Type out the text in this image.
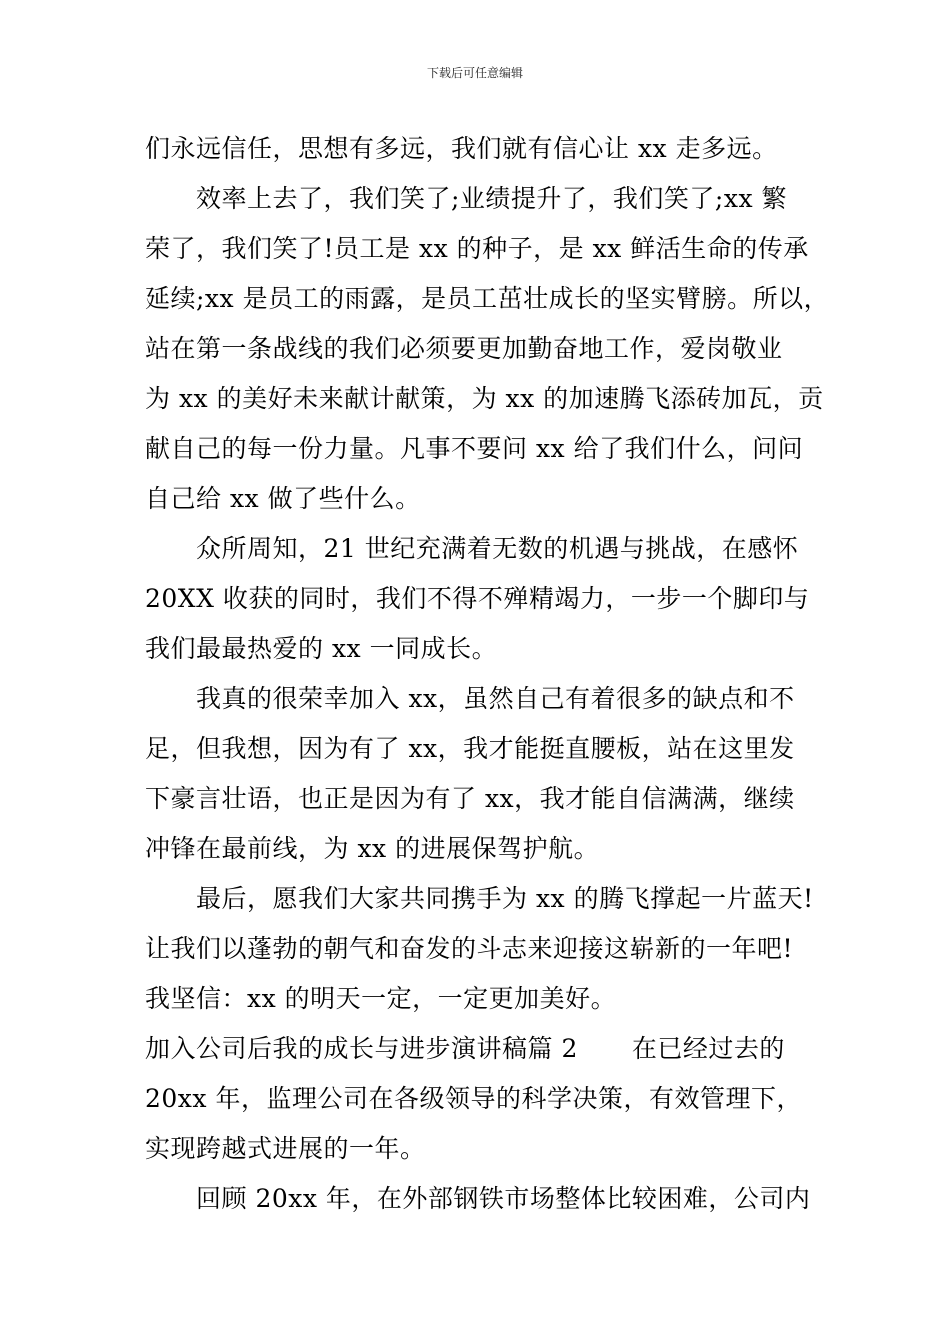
下载后可任意编辑
们永远信任，思想有多远，我们就有信心让 xx 走多远。
效率上去了，我们笑了;业绩提升了，我们笑了;xx 繁
荣了，我们笑了!员工是 xx 的种子，是 xx 鲜活生命的传承
延续;xx 是员工的雨露，是员工茁壮成长的坚实臂膀。所以，
站在第一条战线的我们必须要更加勤奋地工作，爱岗敬业
为 xx 的美好未来献计献策，为 xx 的加速腾飞添砖加瓦，贡
献自己的每一份力量。凡事不要问 xx 给了我们什么，问问
自己给 xx 做了些什么。
众所周知，21 世纪充满着无数的机遇与挑战，在感怀
20XX 收获的同时，我们不得不殚精竭力，一步一个脚印与
我们最最热爱的 xx 一同成长。
我真的很荣幸加入 xx，虽然自己有着很多的缺点和不
足，但我想，因为有了 xx，我才能挺直腰板，站在这里发
下豪言壮语，也正是因为有了 xx，我才能自信满满，继续
冲锋在最前线，为 xx 的进展保驾护航。
最后，愿我们大家共同携手为 xx 的腾飞撑起一片蓝天!
让我们以蓬勃的朝气和奋发的斗志来迎接这崭新的一年吧!
我坚信：xx 的明天一定，一定更加美好。
加入公司后我的成长与进步演讲稿篇 2 在已经过去的
20xx 年，监理公司在各级领导的科学决策，有效管理下，
实现跨越式进展的一年。
回顾 20xx 年，在外部钢铁市场整体比较困难，公司内
